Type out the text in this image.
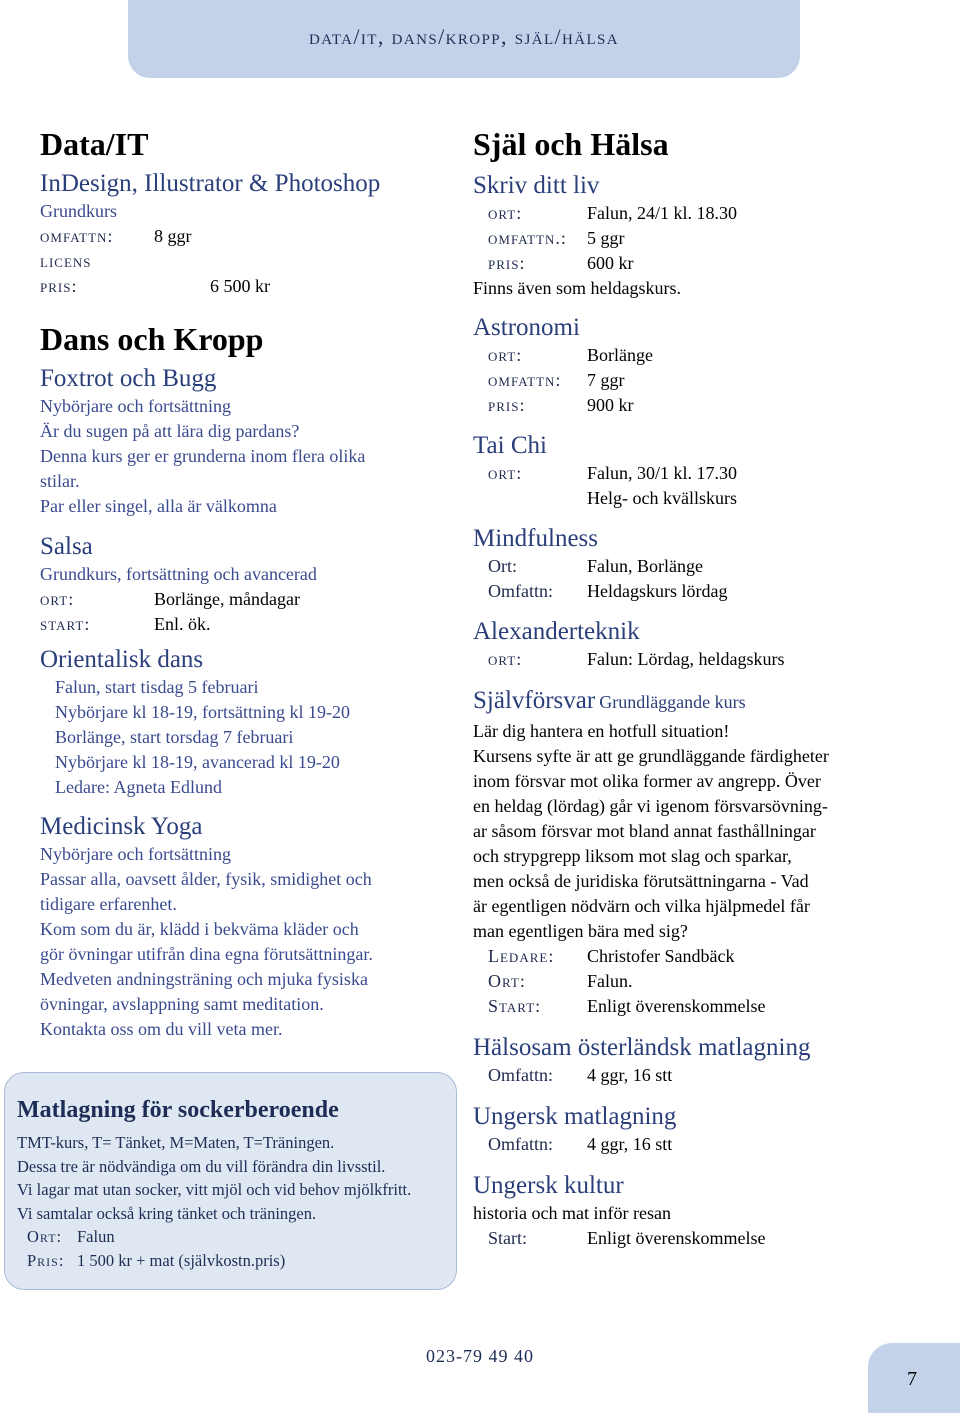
data/it, dans/kropp, själ/hälsa
Data/IT
InDesign, Illustrator & Photoshop
Grundkurs
omfattn:	8 ggr
licens
pris:	6 500 kr
Dans och Kropp
Foxtrot och Bugg
Nybörjare och fortsättning
Är du sugen på att lära dig pardans?
Denna kurs ger er grunderna inom flera olika
stilar.
Par eller singel, alla är välkomna
Salsa
Grundkurs, fortsättning och avancerad
ort:	Borlänge, måndagar
start:	Enl. ök.
Orientalisk dans
Falun, start tisdag 5 februari
Nybörjare kl 18-19, fortsättning kl 19-20
Borlänge, start torsdag 7 februari
Nybörjare kl 18-19, avancerad kl 19-20
Ledare: Agneta Edlund
Medicinsk Yoga
Nybörjare och fortsättning
Passar alla, oavsett ålder, fysik, smidighet och
tidigare erfarenhet.
Kom som du är, klädd i bekväma kläder och
gör övningar utifrån dina egna förutsättningar.
Medveten andningsträning och mjuka fysiska
övningar, avslappning samt meditation.
Kontakta oss om du vill veta mer.
Matlagning för sockerberoende
TMT-kurs, T= Tänket, M=Maten, T=Träningen.
Dessa tre är nödvändiga om du vill förändra din livsstil.
Vi lagar mat utan socker, vitt mjöl och vid behov mjölkfritt.
Vi samtalar också kring tänket och träningen.
Ort: Falun
Pris: 1 500 kr + mat (självkostn.pris)
Själ och Hälsa
Skriv ditt liv
ort:	Falun, 24/1 kl. 18.30
omfattn.:	5 ggr
pris:	600 kr
Finns även som heldagskurs.
Astronomi
ort:	Borlänge
omfattn:	7 ggr
pris:	900 kr
Tai Chi
ort:	Falun, 30/1 kl. 17.30
Helg- och kvällskurs
Mindfulness
Ort:	Falun, Borlänge
Omfattn:	Heldagskurs lördag
Alexanderteknik
ort:	Falun: Lördag, heldagskurs
Självförsvar Grundläggande kurs
Lär dig hantera en hotfull situation!
Kursens syfte är att ge grundläggande färdigheter
inom försvar mot olika former av angrepp. Över
en heldag (lördag) går vi igenom försvarsövning-
ar såsom försvar mot bland annat fasthållningar
och strypgrepp liksom mot slag och sparkar,
men också de juridiska förutsättningarna - Vad
är egentligen nödvärn och vilka hjälpmedel får
man egentligen bära med sig?
Ledare:	Christofer Sandbäck
Ort:	Falun.
Start:	Enligt överenskommelse
Hälsosam österländsk matlagning
Omfattn:	4 ggr, 16 stt
Ungersk matlagning
Omfattn:	4 ggr, 16 stt
Ungersk kultur
historia och mat inför resan
Start:	Enligt överenskommelse
023-79 49 40
7
